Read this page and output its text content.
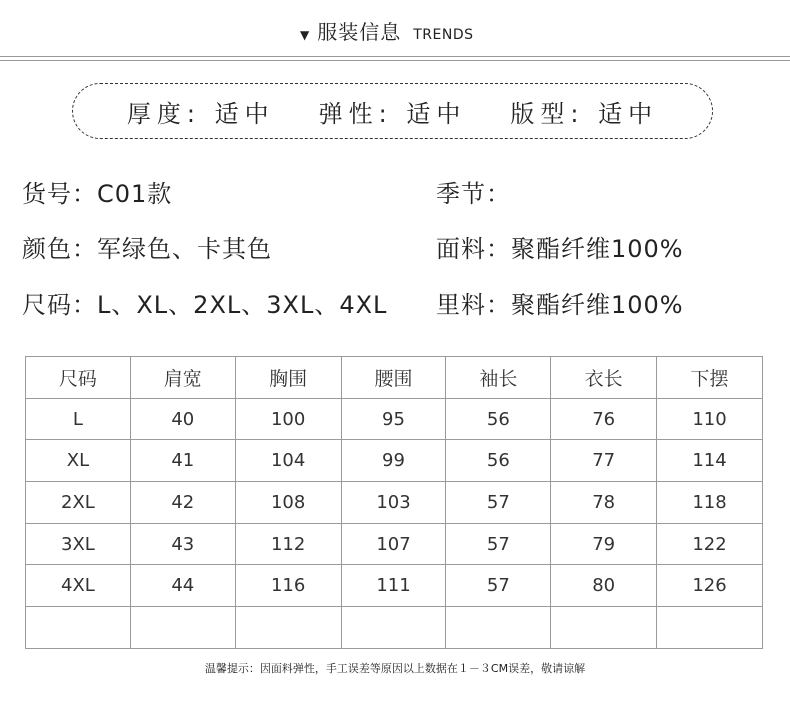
▼ 服装信息 TRENDS
厚度: 适中 弹性: 适中 版型: 适中
货号：C01款	季节：
颜色：军绿色、卡其色	面料：聚酯纤维100%
尺码：L、XL、2XL、3XL、4XL 里料：聚酯纤维100%
尺码	肩宽	胸围	腰围	袖长	衣长	下摆
L	40	100	95	56	76	110
XL	41	104	99	56	77	114
2XL	42	108	103	57	78	118
3XL	43	112	107	57	79	122
4XL	44	116	111	57	80	126

温馨提示：因面料弹性，手工误差等原因以上数据在１－３CM误差，敬请谅解
